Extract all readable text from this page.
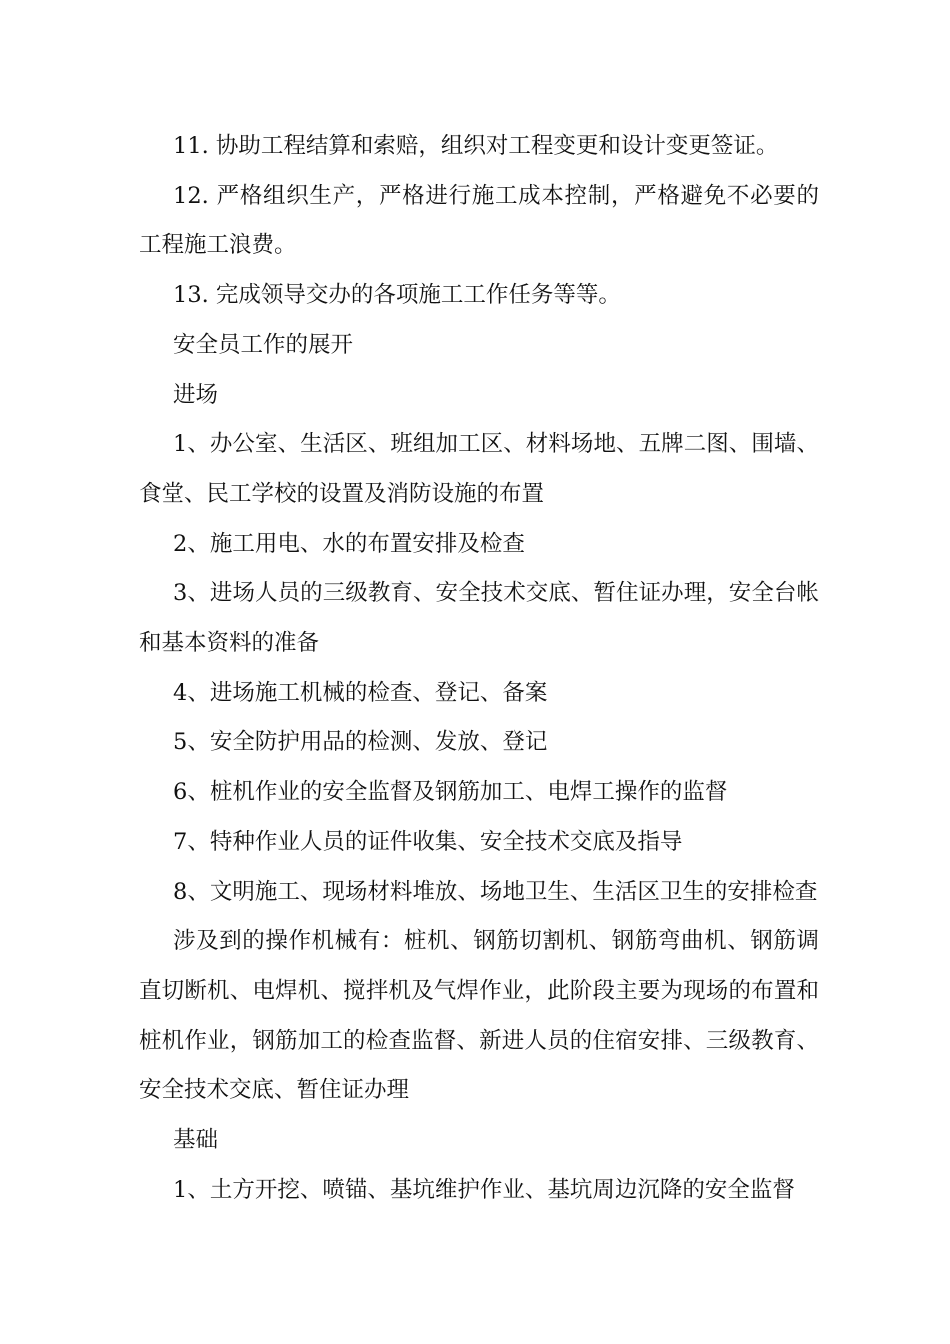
11. 协助工程结算和索赔，组织对工程变更和设计变更签证。

12. 严格组织生产，严格进行施工成本控制，严格避免不必要的工程施工浪费。

13. 完成领导交办的各项施工工作任务等等。

安全员工作的展开

进场

1、办公室、生活区、班组加工区、材料场地、五牌二图、围墙、食堂、民工学校的设置及消防设施的布置

2、施工用电、水的布置安排及检查

3、进场人员的三级教育、安全技术交底、暂住证办理，安全台帐和基本资料的准备

4、进场施工机械的检查、登记、备案

5、安全防护用品的检测、发放、登记

6、桩机作业的安全监督及钢筋加工、电焊工操作的监督

7、特种作业人员的证件收集、安全技术交底及指导

8、文明施工、现场材料堆放、场地卫生、生活区卫生的安排检查

涉及到的操作机械有：桩机、钢筋切割机、钢筋弯曲机、钢筋调直切断机、电焊机、搅拌机及气焊作业，此阶段主要为现场的布置和桩机作业，钢筋加工的检查监督、新进人员的住宿安排、三级教育、安全技术交底、暂住证办理

基础

1、土方开挖、喷锚、基坑维护作业、基坑周边沉降的安全监督
